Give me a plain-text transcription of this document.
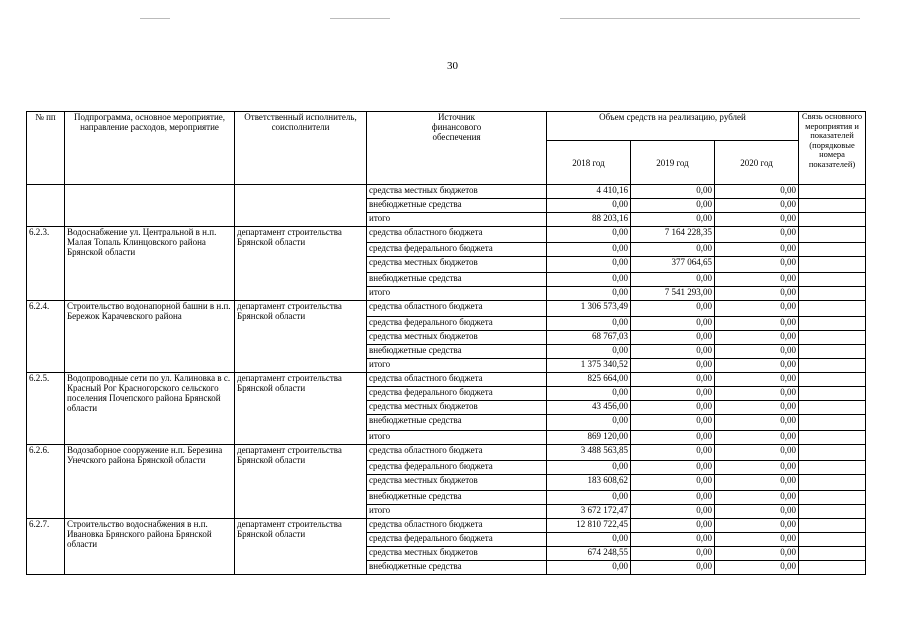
30
№ пп	Подпрограмма, основное мероприятие, направление расходов, мероприятие	Ответственный исполнитель, соисполнители	Источник финансового обеспечения	Объем средств на реализацию, рублей			Связь основного мероприятия и показателей (порядковые номера показателей)
				2018 год	2019 год	2020 год	
			средства местных бюджетов	4 410,16	0,00	0,00	
			внебюджетные средства	0,00	0,00	0,00	
			итого	88 203,16	0,00	0,00	
6.2.3.	Водоснабжение ул. Центральной в н.п. Малая Топаль Клинцовского района Брянской области	департамент строительства Брянской области	средства областного бюджета	0,00	7 164 228,35	0,00	
			средства федерального бюджета	0,00	0,00	0,00	
			средства местных бюджетов	0,00	377 064,65	0,00	
			внебюджетные средства	0,00	0,00	0,00	
			итого	0,00	7 541 293,00	0,00	
6.2.4.	Строительство водонапорной башни в н.п. Бережок Карачевского района	департамент строительства Брянской области	средства областного бюджета	1 306 573,49	0,00	0,00	
			средства федерального бюджета	0,00	0,00	0,00	
			средства местных бюджетов	68 767,03	0,00	0,00	
			внебюджетные средства	0,00	0,00	0,00	
			итого	1 375 340,52	0,00	0,00	
6.2.5.	Водопроводные сети по ул. Калиновка в с. Красный Рог Красногорского сельского поселения Почепского района Брянской области	департамент строительства Брянской области	средства областного бюджета	825 664,00	0,00	0,00	
			средства федерального бюджета	0,00	0,00	0,00	
			средства местных бюджетов	43 456,00	0,00	0,00	
			внебюджетные средства	0,00	0,00	0,00	
			итого	869 120,00	0,00	0,00	
6.2.6.	Водозаборное сооружение н.п. Березина Унечского района Брянской области	департамент строительства Брянской области	средства областного бюджета	3 488 563,85	0,00	0,00	
			средства федерального бюджета	0,00	0,00	0,00	
			средства местных бюджетов	183 608,62	0,00	0,00	
			внебюджетные средства	0,00	0,00	0,00	
			итого	3 672 172,47	0,00	0,00	
6.2.7.	Строительство водоснабжения в н.п. Ивановка Брянского района Брянской области	департамент строительства Брянской области	средства областного бюджета	12 810 722,45	0,00	0,00	
			средства федерального бюджета	0,00	0,00	0,00	
			средства местных бюджетов	674 248,55	0,00	0,00	
			внебюджетные средства	0,00	0,00	0,00	
